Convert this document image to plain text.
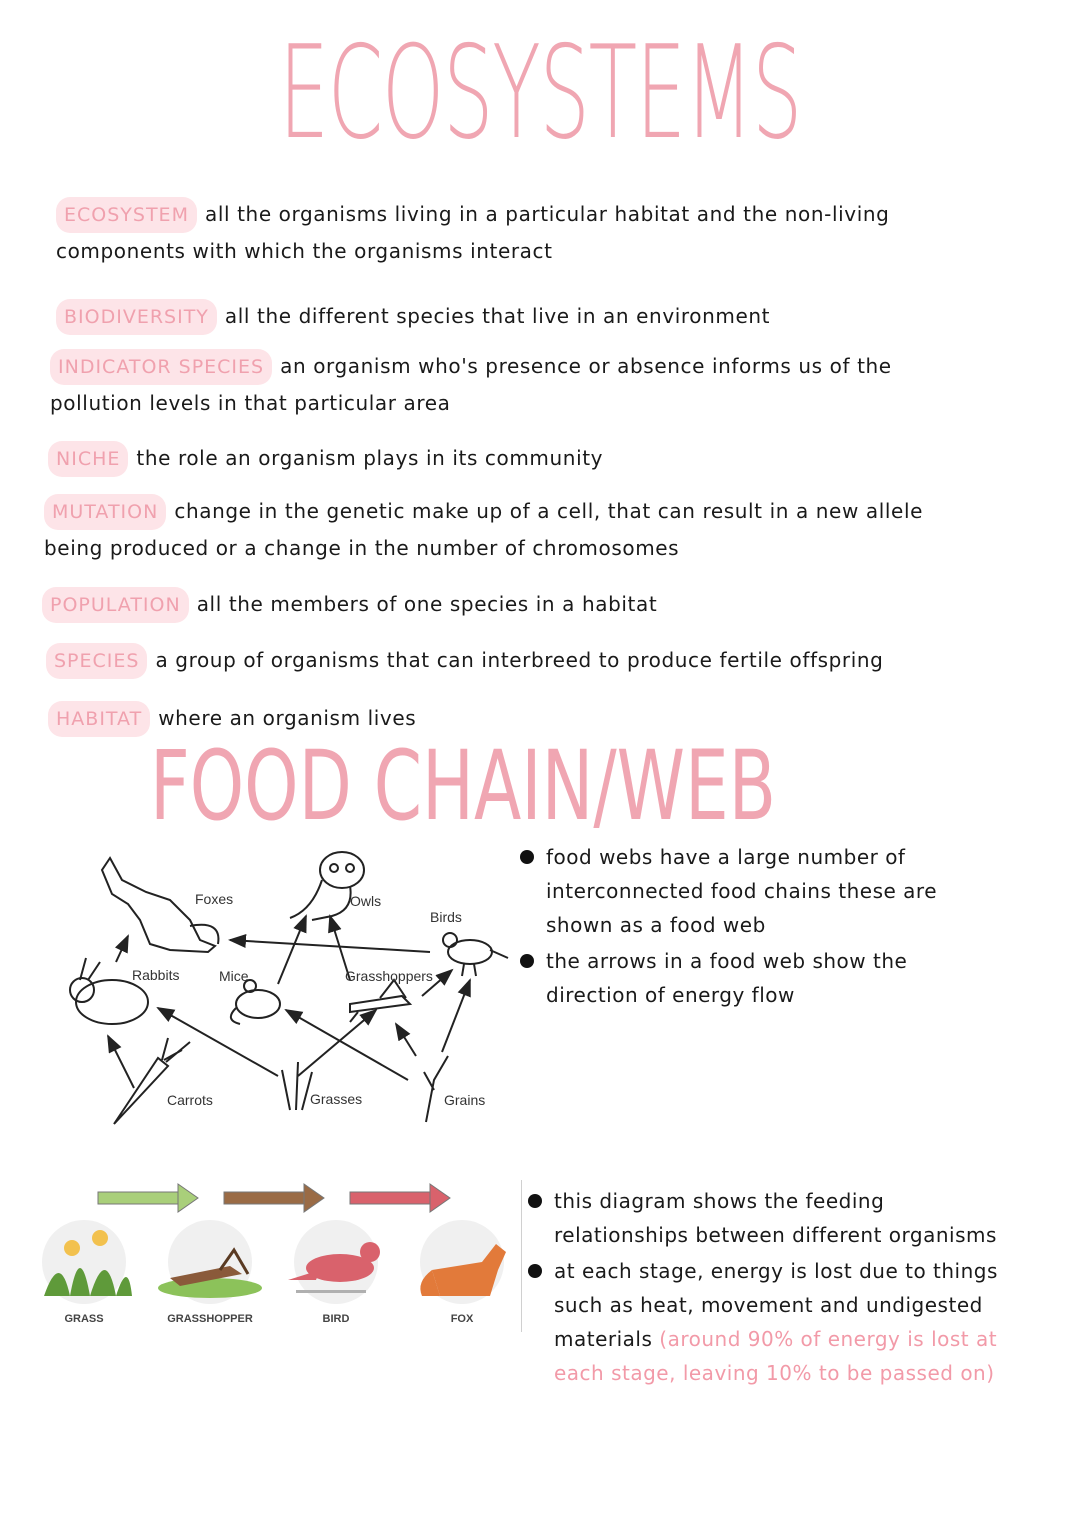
ECOSYSTEMS
ECOSYSTEM all the organisms living in a particular habitat and the non-living components with which the organisms interact
BIODIVERSITY all the different species that live in an environment
INDICATOR SPECIES an organism who's presence or absence informs us of the pollution levels in that particular area
NICHE the role an organism plays in its community
MUTATION change in the genetic make up of a cell, that can result in a new allele being produced or a change in the number of chromosomes
POPULATION all the members of one species in a habitat
SPECIES a group of organisms that can interbreed to produce fertile offspring
HABITAT where an organism lives
FOOD CHAIN/WEB
Foxes	Owls
Birds
Rabbits	Mice	Grasshoppers
Carrots	Grasses	Grains
food webs have a large number of interconnected food chains these are shown as a food web
the arrows in a food web show the direction of energy flow
GRASS	GRASSHOPPER	BIRD	FOX
this diagram shows the feeding relationships between different organisms
at each stage, energy is lost due to things such as heat, movement and undigested materials (around 90% of energy is lost at each stage, leaving 10% to be passed on)
